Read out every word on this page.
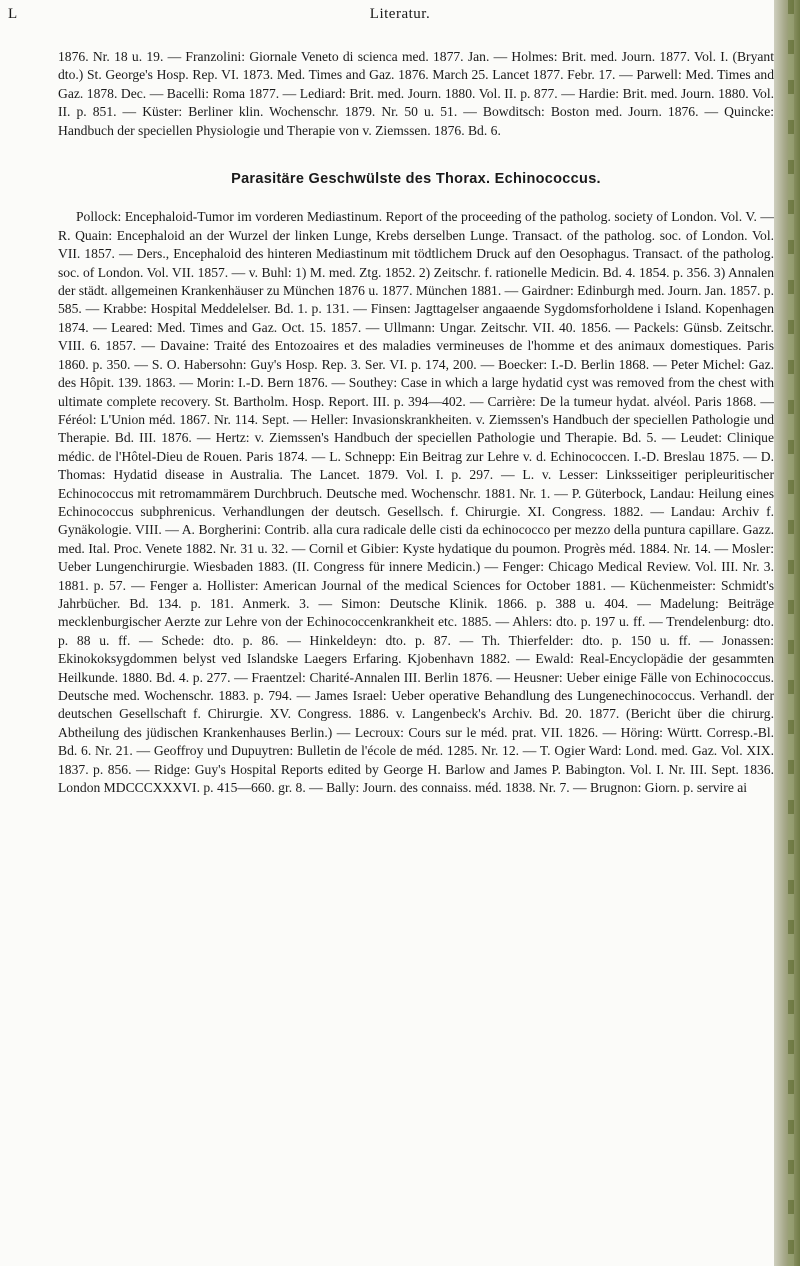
L	Literatur.

1876. Nr. 18 u. 19. — Franzolini: Giornale Veneto di scienca med. 1877. Jan. — Holmes: Brit. med. Journ. 1877. Vol. I. (Bryant dto.) St. George's Hosp. Rep. VI. 1873. Med. Times and Gaz. 1876. March 25. Lancet 1877. Febr. 17. — Parwell: Med. Times and Gaz. 1878. Dec. — Bacelli: Roma 1877. — Lediard: Brit. med. Journ. 1880. Vol. II. p. 877. — Hardie: Brit. med. Journ. 1880. Vol. II. p. 851. — Küster: Berliner klin. Wochenschr. 1879. Nr. 50 u. 51. — Bowditsch: Boston med. Journ. 1876. — Quincke: Handbuch der speciellen Physiologie und Therapie von v. Ziemssen. 1876. Bd. 6.

Parasitäre Geschwülste des Thorax. Echinococcus.

Pollock: Encephaloid-Tumor im vorderen Mediastinum. Report of the proceeding of the patholog. society of London. Vol. V. — R. Quain: Encephaloid an der Wurzel der linken Lunge, Krebs derselben Lunge. Transact. of the patholog. soc. of London. Vol. VII. 1857. — Ders., Encephaloid des hinteren Mediastinum mit tödtlichem Druck auf den Oesophagus. Transact. of the patholog. soc. of London. Vol. VII. 1857. — v. Buhl: 1) M. med. Ztg. 1852. 2) Zeitschr. f. rationelle Medicin. Bd. 4. 1854. p. 356. 3) Annalen der städt. allgemeinen Krankenhäuser zu München 1876 u. 1877. München 1881. — Gairdner: Edinburgh med. Journ. Jan. 1857. p. 585. — Krabbe: Hospital Meddelelser. Bd. 1. p. 131. — Finsen: Jagttagelser angaaende Sygdomsforholdene i Island. Kopenhagen 1874. — Leared: Med. Times and Gaz. Oct. 15. 1857. — Ullmann: Ungar. Zeitschr. VII. 40. 1856. — Packels: Günsb. Zeitschr. VIII. 6. 1857. — Davaine: Traité des Entozoaires et des maladies vermineuses de l'homme et des animaux domestiques. Paris 1860. p. 350. — S. O. Habersohn: Guy's Hosp. Rep. 3. Ser. VI. p. 174, 200. — Boecker: I.-D. Berlin 1868. — Peter Michel: Gaz. des Hôpit. 139. 1863. — Morin: I.-D. Bern 1876. — Southey: Case in which a large hydatid cyst was removed from the chest with ultimate complete recovery. St. Bartholm. Hosp. Report. III. p. 394—402. — Carrière: De la tumeur hydat. alvéol. Paris 1868. — Féréol: L'Union méd. 1867. Nr. 114. Sept. — Heller: Invasionskrankheiten. v. Ziemssen's Handbuch der speciellen Pathologie und Therapie. Bd. III. 1876. — Hertz: v. Ziemssen's Handbuch der speciellen Pathologie und Therapie. Bd. 5. — Leudet: Clinique médic. de l'Hôtel-Dieu de Rouen. Paris 1874. — L. Schnepp: Ein Beitrag zur Lehre v. d. Echinococcen. I.-D. Breslau 1875. — D. Thomas: Hydatid disease in Australia. The Lancet. 1879. Vol. I. p. 297. — L. v. Lesser: Linksseitiger peripleuritischer Echinococcus mit retromammärem Durchbruch. Deutsche med. Wochenschr. 1881. Nr. 1. — P. Güterbock, Landau: Heilung eines Echinococcus subphrenicus. Verhandlungen der deutsch. Gesellsch. f. Chirurgie. XI. Congress. 1882. — Landau: Archiv f. Gynäkologie. VIII. — A. Borgherini: Contrib. alla cura radicale delle cisti da echinococco per mezzo della puntura capillare. Gazz. med. Ital. Proc. Venete 1882. Nr. 31 u. 32. — Cornil et Gibier: Kyste hydatique du poumon. Progrès méd. 1884. Nr. 14. — Mosler: Ueber Lungenchirurgie. Wiesbaden 1883. (II. Congress für innere Medicin.) — Fenger: Chicago Medical Review. Vol. III. Nr. 3. 1881. p. 57. — Fenger a. Hollister: American Journal of the medical Sciences for October 1881. — Küchenmeister: Schmidt's Jahrbücher. Bd. 134. p. 181. Anmerk. 3. — Simon: Deutsche Klinik. 1866. p. 388 u. 404. — Madelung: Beiträge mecklenburgischer Aerzte zur Lehre von der Echinococcenkrankheit etc. 1885. — Ahlers: dto. p. 197 u. ff. — Trendelenburg: dto. p. 88 u. ff. — Schede: dto. p. 86. — Hinkeldeyn: dto. p. 87. — Th. Thierfelder: dto. p. 150 u. ff. — Jonassen: Ekinokoksygdommen belyst ved Islandske Laegers Erfaring. Kjobenhavn 1882. — Ewald: Real-Encyclopädie der gesammten Heilkunde. 1880. Bd. 4. p. 277. — Fraentzel: Charité-Annalen III. Berlin 1876. — Heusner: Ueber einige Fälle von Echinococcus. Deutsche med. Wochenschr. 1883. p. 794. — James Israel: Ueber operative Behandlung des Lungenechinococcus. Verhandl. der deutschen Gesellschaft f. Chirurgie. XV. Congress. 1886. v. Langenbeck's Archiv. Bd. 20. 1877. (Bericht über die chirurg. Abtheilung des jüdischen Krankenhauses Berlin.) — Lecroux: Cours sur le méd. prat. VII. 1826. — Höring: Württ. Corresp.-Bl. Bd. 6. Nr. 21. — Geoffroy und Dupuytren: Bulletin de l'école de méd. 1285. Nr. 12. — T. Ogier Ward: Lond. med. Gaz. Vol. XIX. 1837. p. 856. — Ridge: Guy's Hospital Reports edited by George H. Barlow and James P. Babington. Vol. I. Nr. III. Sept. 1836. London MDCCCXXXVI. p. 415—660. gr. 8. — Bally: Journ. des connaiss. méd. 1838. Nr. 7. — Brugnon: Giorn. p. servire ai
